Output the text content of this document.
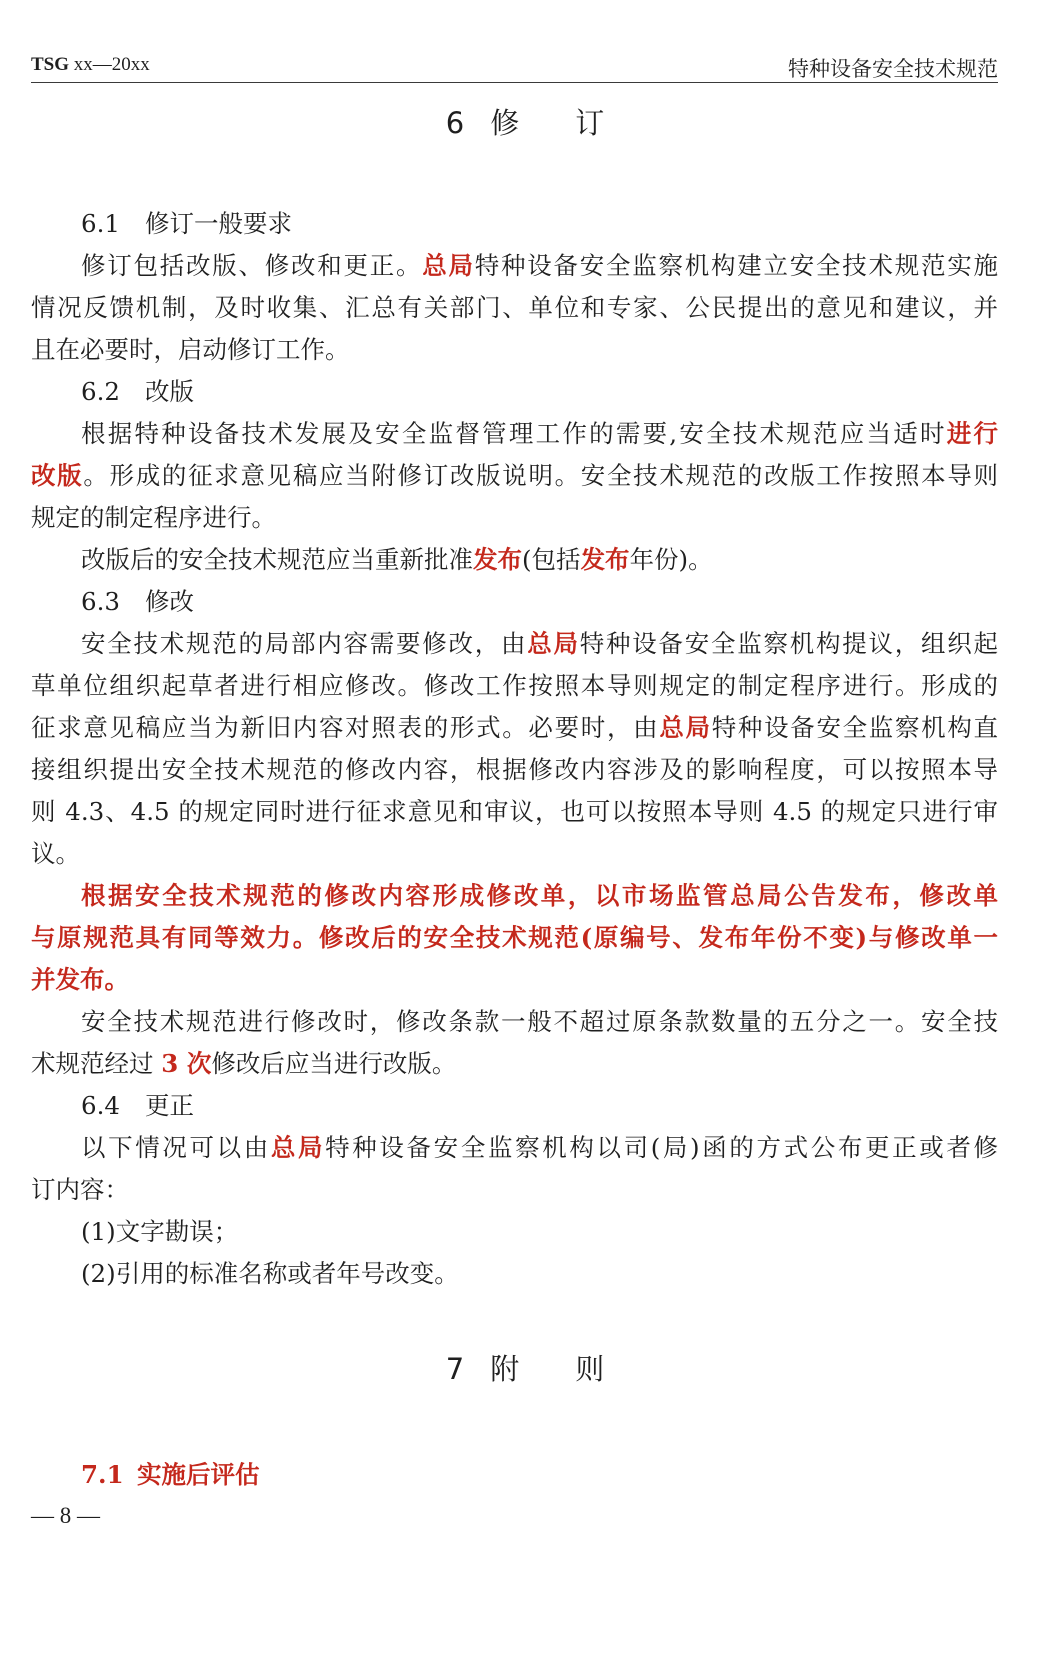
TSG xx—20xx	特种设备安全技术规范
6 修 订
6.1 修订一般要求
修订包括改版、修改和更正。总局特种设备安全监察机构建立安全技术规范实施
情况反馈机制，及时收集、汇总有关部门、单位和专家、公民提出的意见和建议，并
且在必要时，启动修订工作。
6.2 改版
根据特种设备技术发展及安全监督管理工作的需要,安全技术规范应当适时进行
改版。形成的征求意见稿应当附修订改版说明。安全技术规范的改版工作按照本导则
规定的制定程序进行。
改版后的安全技术规范应当重新批准发布(包括发布年份)。
6.3 修改
安全技术规范的局部内容需要修改，由总局特种设备安全监察机构提议，组织起
草单位组织起草者进行相应修改。修改工作按照本导则规定的制定程序进行。形成的
征求意见稿应当为新旧内容对照表的形式。必要时，由总局特种设备安全监察机构直
接组织提出安全技术规范的修改内容，根据修改内容涉及的影响程度，可以按照本导
则 4.3、4.5 的规定同时进行征求意见和审议，也可以按照本导则 4.5 的规定只进行审
议。
根据安全技术规范的修改内容形成修改单，以市场监管总局公告发布，修改单
与原规范具有同等效力。修改后的安全技术规范(原编号、发布年份不变)与修改单一
并发布。
安全技术规范进行修改时，修改条款一般不超过原条款数量的五分之一。安全技
术规范经过 3 次修改后应当进行改版。
6.4 更正
以下情况可以由总局特种设备安全监察机构以司(局)函的方式公布更正或者修
订内容：
(1)文字勘误；
(2)引用的标准名称或者年号改变。
7 附 则
7.1 实施后评估
— 8 —
